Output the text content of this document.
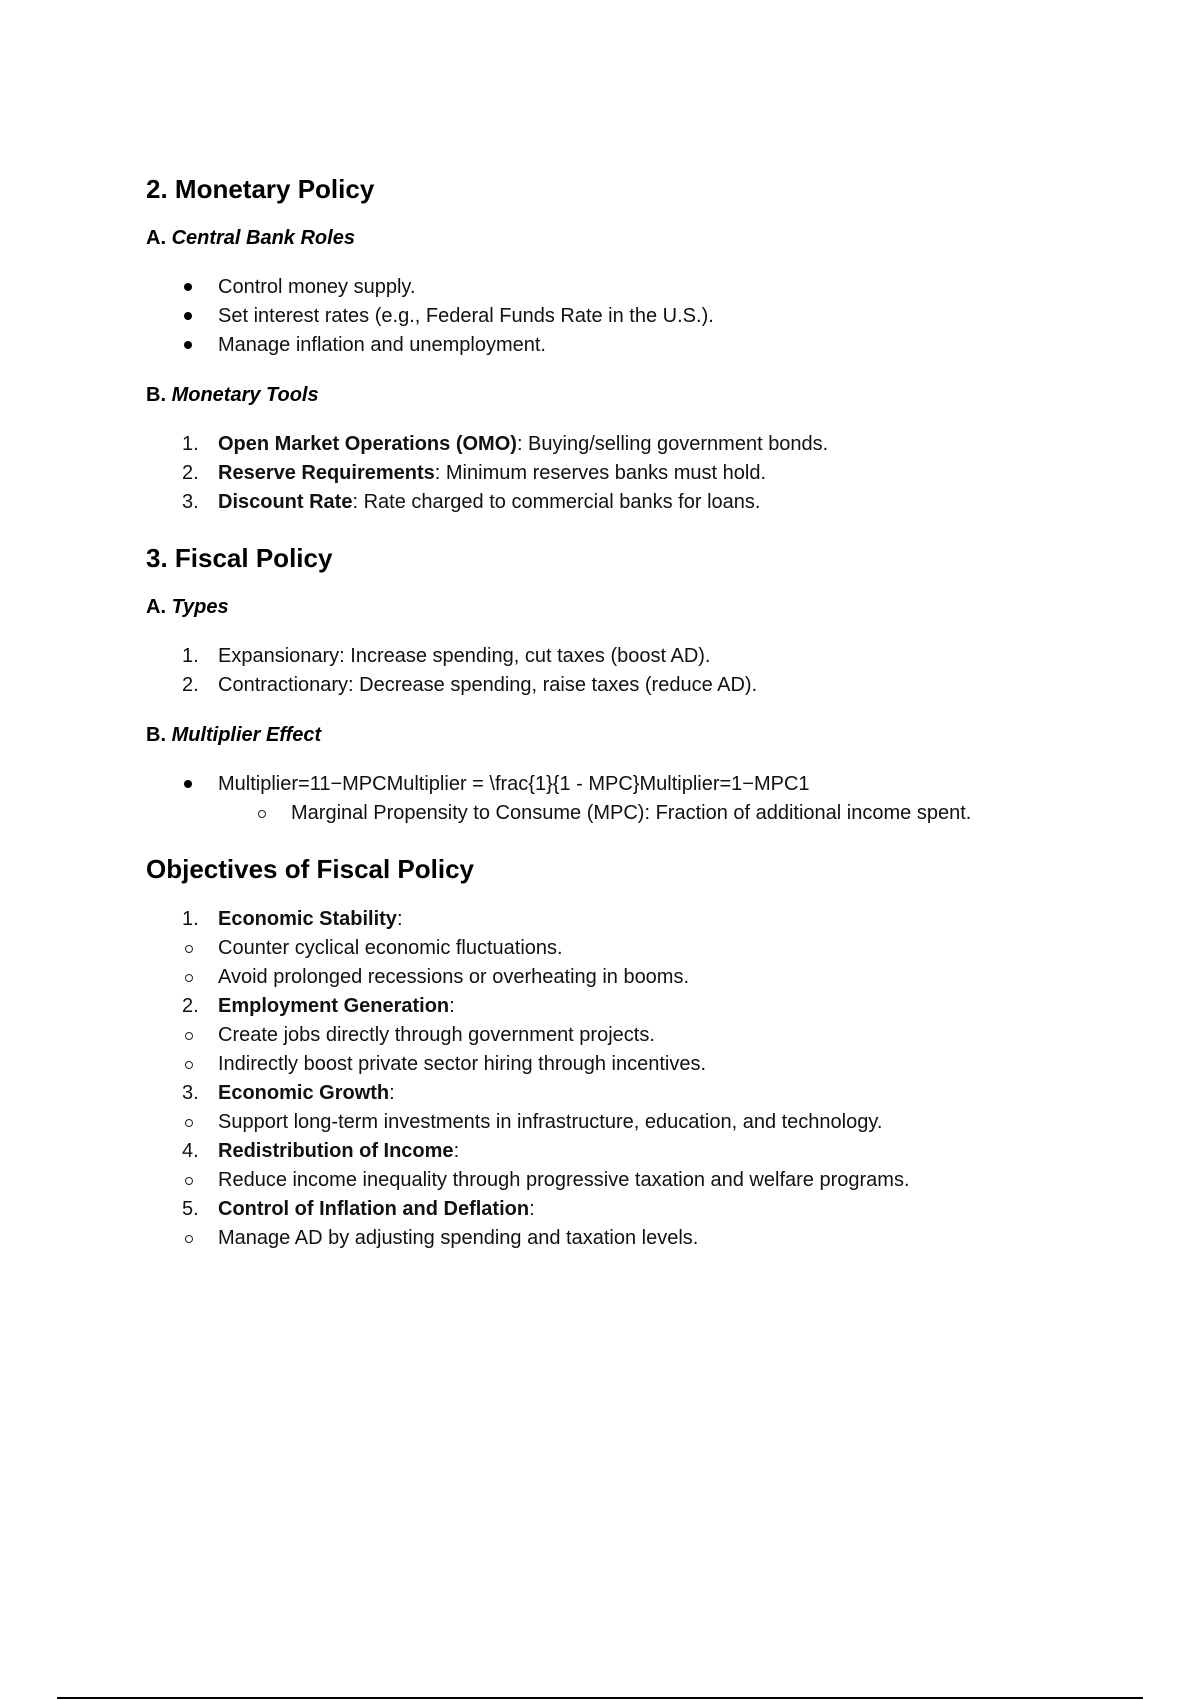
2. Monetary Policy
A. Central Bank Roles
Control money supply.
Set interest rates (e.g., Federal Funds Rate in the U.S.).
Manage inflation and unemployment.
B. Monetary Tools
1. Open Market Operations (OMO): Buying/selling government bonds.
2. Reserve Requirements: Minimum reserves banks must hold.
3. Discount Rate: Rate charged to commercial banks for loans.
3. Fiscal Policy
A. Types
1. Expansionary: Increase spending, cut taxes (boost AD).
2. Contractionary: Decrease spending, raise taxes (reduce AD).
B. Multiplier Effect
Multiplier=11−MPCMultiplier = \frac{1}{1 - MPC}Multiplier=1−MPC1
Marginal Propensity to Consume (MPC): Fraction of additional income spent.
Objectives of Fiscal Policy
1. Economic Stability:
Counter cyclical economic fluctuations.
Avoid prolonged recessions or overheating in booms.
2. Employment Generation:
Create jobs directly through government projects.
Indirectly boost private sector hiring through incentives.
3. Economic Growth:
Support long-term investments in infrastructure, education, and technology.
4. Redistribution of Income:
Reduce income inequality through progressive taxation and welfare programs.
5. Control of Inflation and Deflation:
Manage AD by adjusting spending and taxation levels.
